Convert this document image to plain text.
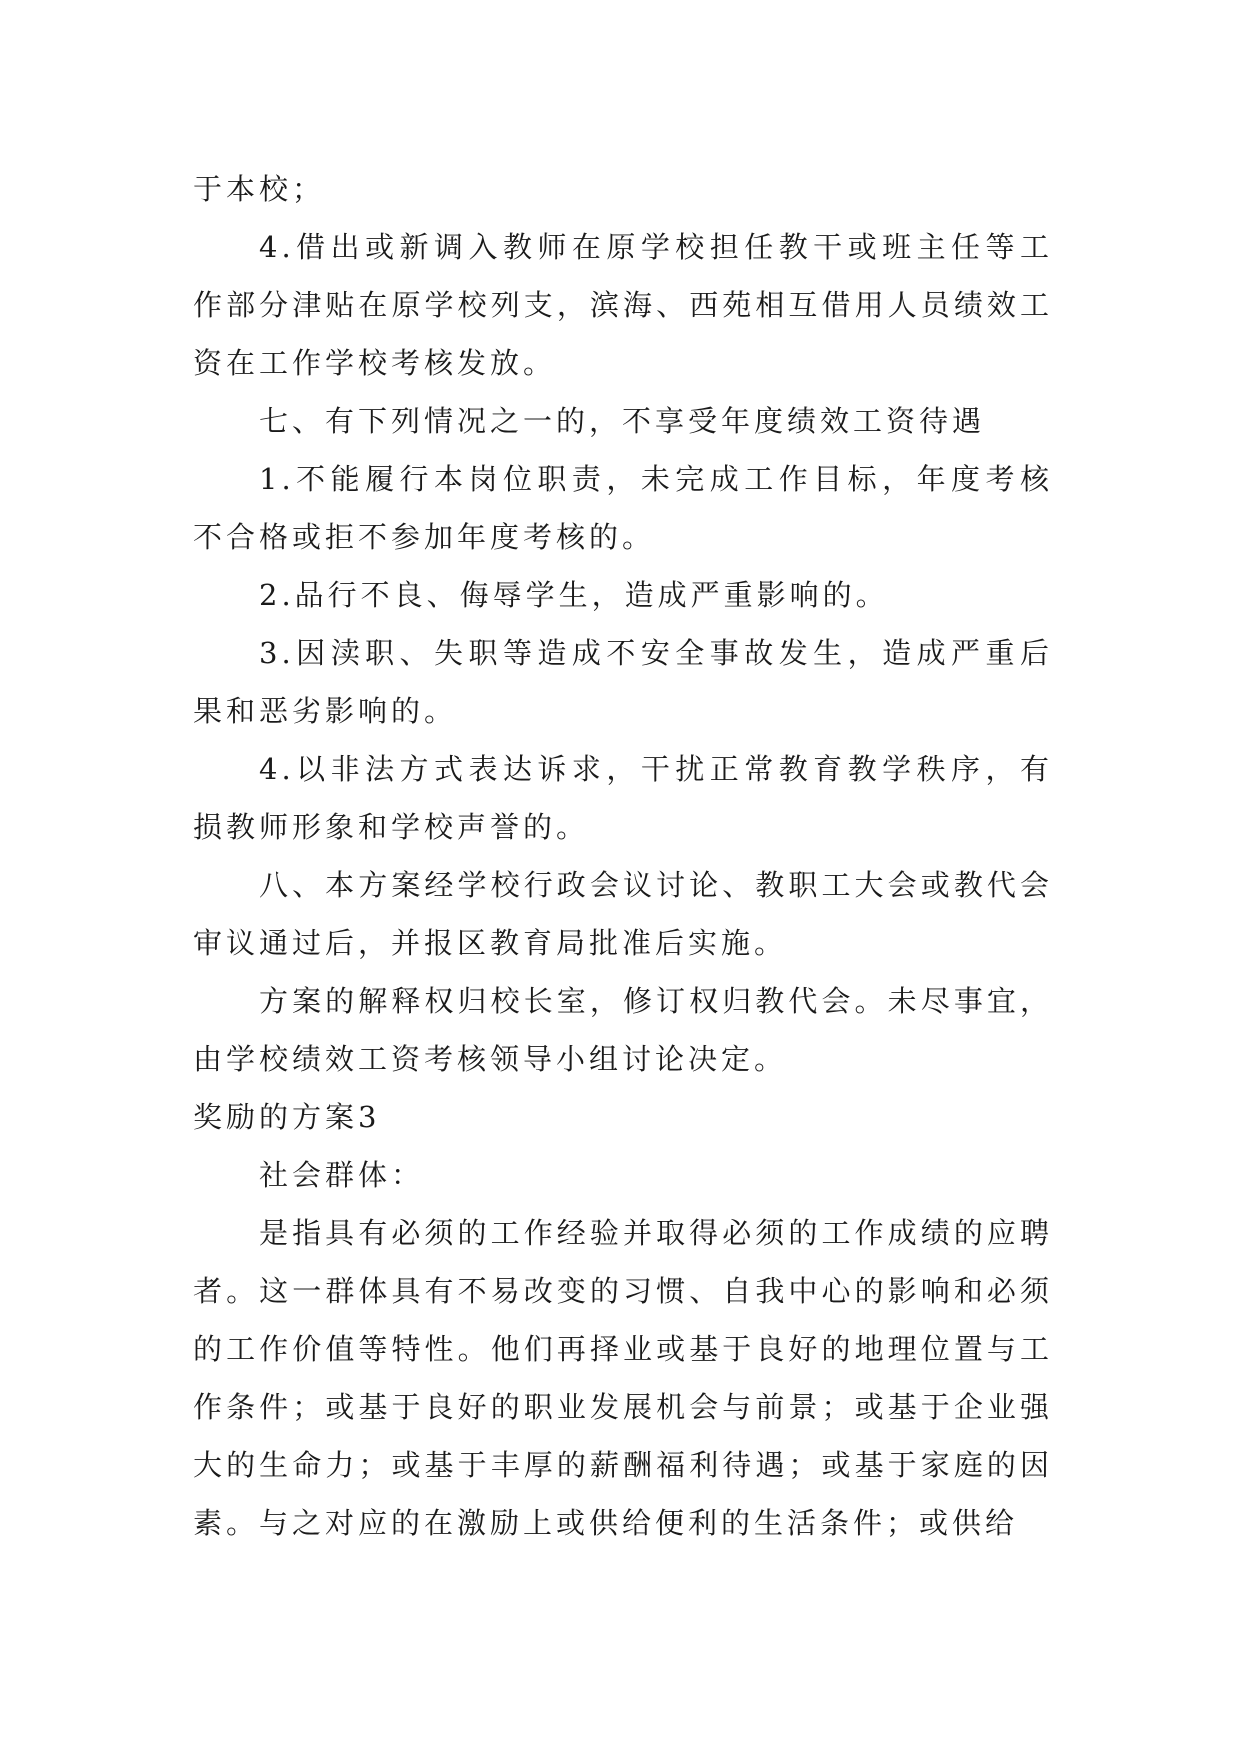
于本校；

4.借出或新调入教师在原学校担任教干或班主任等工作部分津贴在原学校列支，滨海、西苑相互借用人员绩效工资在工作学校考核发放。

七、有下列情况之一的，不享受年度绩效工资待遇

1.不能履行本岗位职责，未完成工作目标，年度考核不合格或拒不参加年度考核的。

2.品行不良、侮辱学生，造成严重影响的。

3.因渎职、失职等造成不安全事故发生，造成严重后果和恶劣影响的。

4.以非法方式表达诉求，干扰正常教育教学秩序，有损教师形象和学校声誉的。

八、本方案经学校行政会议讨论、教职工大会或教代会审议通过后，并报区教育局批准后实施。

方案的解释权归校长室，修订权归教代会。未尽事宜，由学校绩效工资考核领导小组讨论决定。

奖励的方案3

社会群体：

是指具有必须的工作经验并取得必须的工作成绩的应聘者。这一群体具有不易改变的习惯、自我中心的影响和必须的工作价值等特性。他们再择业或基于良好的地理位置与工作条件；或基于良好的职业发展机会与前景；或基于企业强大的生命力；或基于丰厚的薪酬福利待遇；或基于家庭的因素。与之对应的在激励上或供给便利的生活条件；或供给
